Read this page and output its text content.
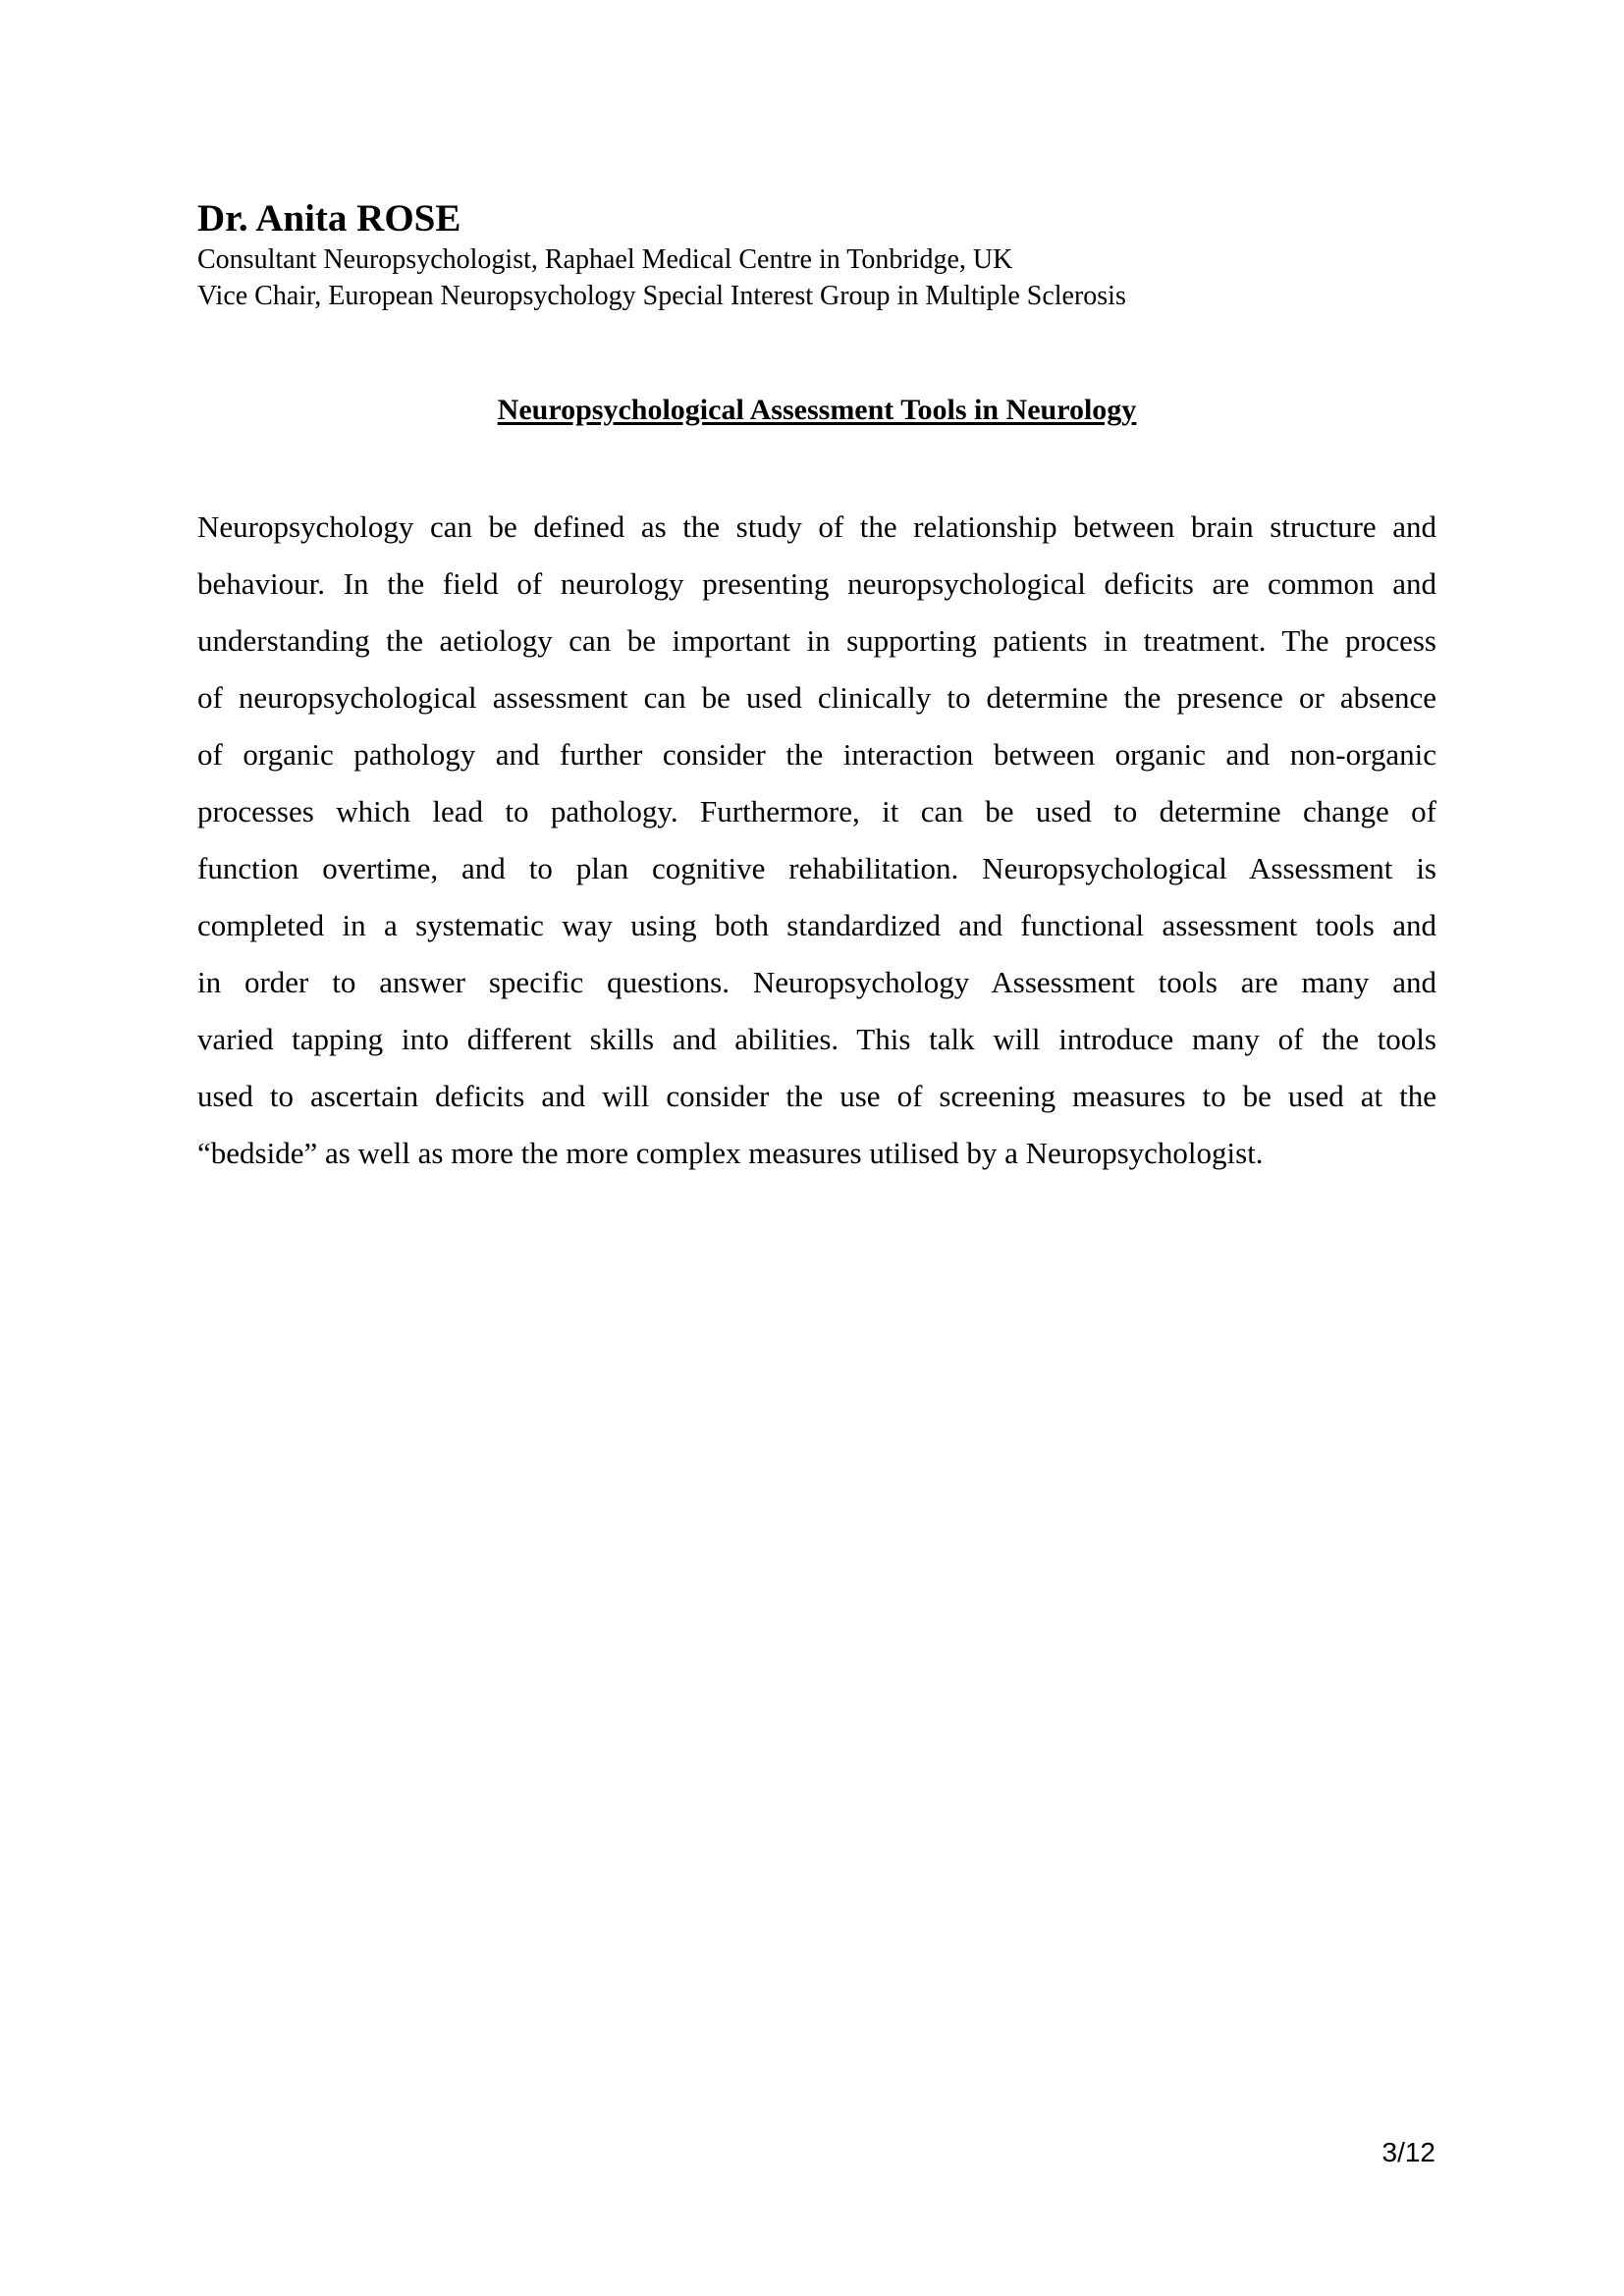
Dr. Anita ROSE

Consultant Neuropsychologist, Raphael Medical Centre in Tonbridge, UK

Vice Chair, European Neuropsychology Special Interest Group in Multiple Sclerosis

Neuropsychological Assessment Tools in Neurology
Neuropsychology can be defined as the study of the relationship between brain structure and
behaviour. In the field of neurology presenting neuropsychological deficits are common and
understanding the aetiology can be important in supporting patients in treatment. The process
of neuropsychological assessment can be used clinically to determine the presence or absence
of organic pathology and further consider the interaction between organic and non-organic
processes which lead to pathology. Furthermore, it can be used to determine change of
function overtime, and to plan cognitive rehabilitation. Neuropsychological Assessment is
completed in a systematic way using both standardized and functional assessment tools and
in order to answer specific questions. Neuropsychology Assessment tools are many and
varied tapping into different skills and abilities. This talk will introduce many of the tools
used to ascertain deficits and will consider the use of screening measures to be used at the
“bedside” as well as more the more complex measures utilised by a Neuropsychologist.

3/12
